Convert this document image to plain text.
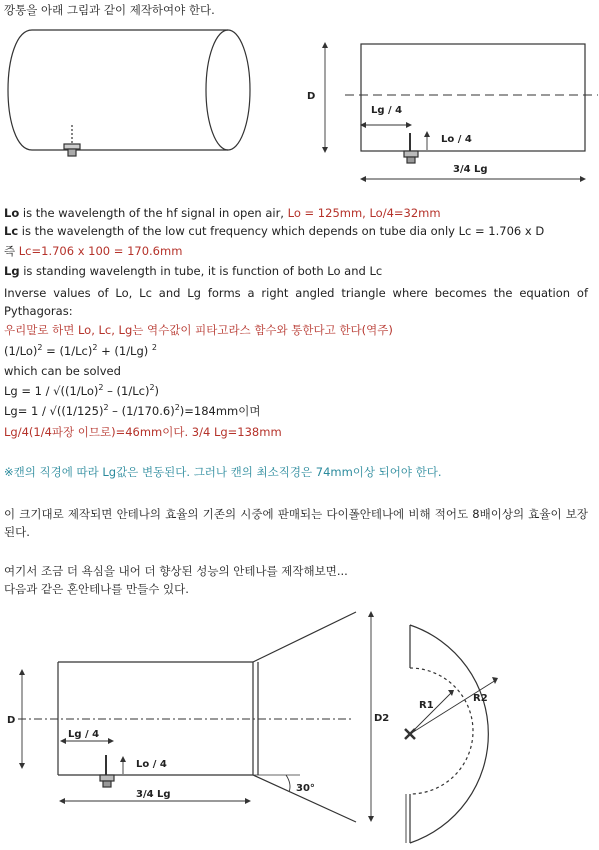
깡통을 아래 그림과 같이 제작하여야 한다.
D
Lg / 4
Lo / 4
3/4 Lg
Lo is the wavelength of the hf signal in open air, Lo = 125mm, Lo/4=32mm
Lc is the wavelength of the low cut frequency which depends on tube dia only Lc = 1.706 x D
즉 Lc=1.706 x 100 = 170.6mm
Lg is standing wavelength in tube, it is function of both Lo and Lc
Inverse values of Lo, Lc and Lg forms a right angled triangle where becomes the equation of Pythagoras:
우리말로 하면 Lo, Lc, Lg는 역수값이 피타고라스 함수와 통한다고 한다(역주)
$(1/Lo)^2 = (1/Lc)^2 + (1/Lg)$ $^2$
which can be solved
$Lg = 1 / √((1/Lo)^2 - (1/Lc)^2)$
$Lg= 1 / √((1/125)^2 - (1/170.6)^2)=184mm$이며
Lg/4(1/4파장 이므로)=46mm이다. 3/4 Lg=138mm
※캔의 직경에 따라 Lg값은 변동된다. 그러나 캔의 최소직경은 74mm이상 되어야 한다.
이 크기대로 제작되면 안테나의 효율의 기존의 시중에 판매되는 다이폴안테나에 비해 적어도 8배이상의 효율이 보장된다.
여기서 조금 더 욕심을 내어 더 향상된 성능의 안테나를 제작해보면...
다음과 같은 혼안테나를 만들수 있다.
D	D2
Lg / 4
Lo / 4
3/4 Lg
30°
R1
R2
